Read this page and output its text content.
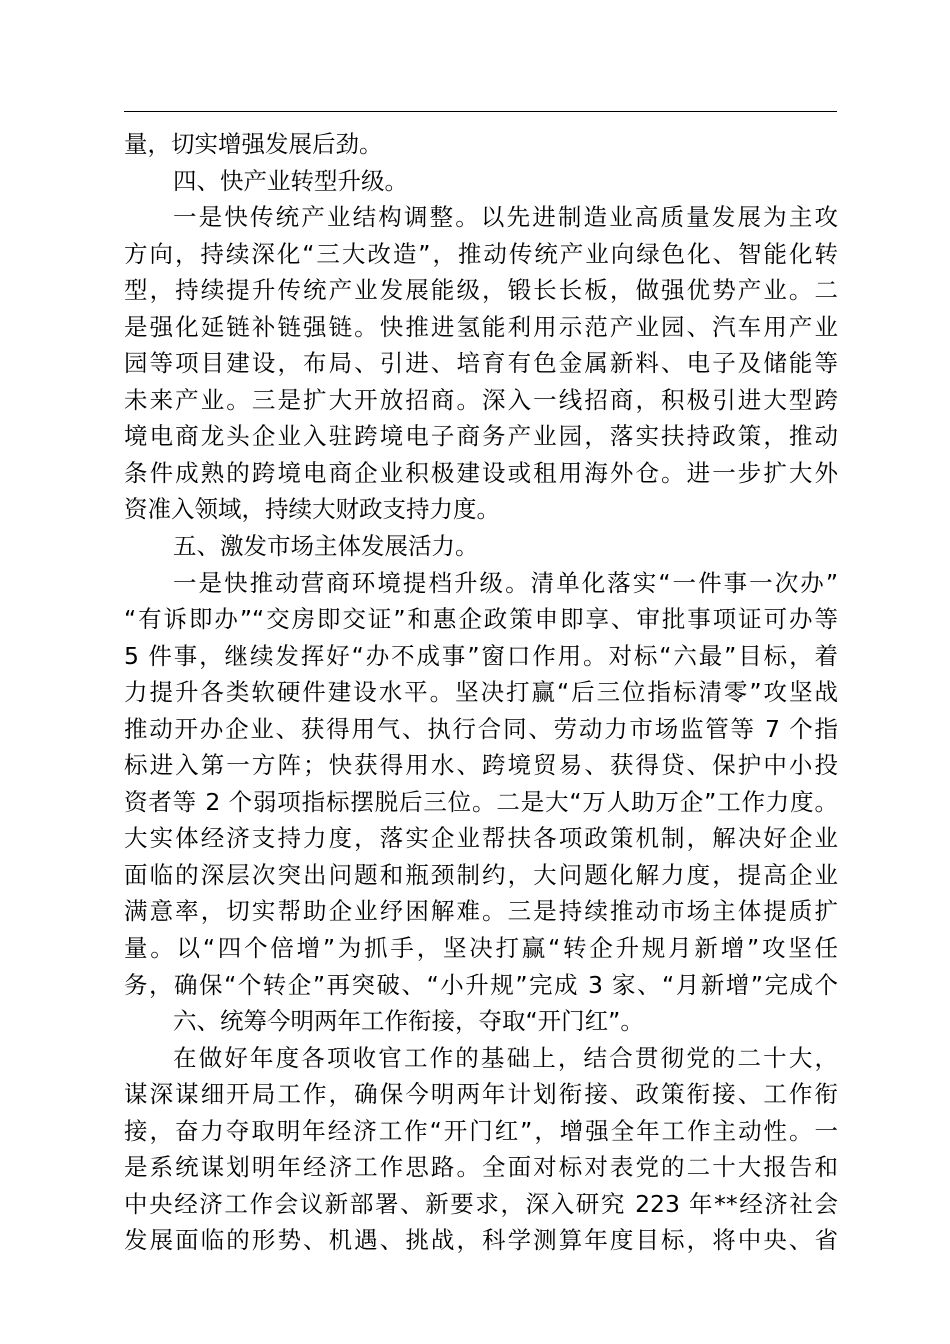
量，切实增强发展后劲。
四、快产业转型升级。
一是快传统产业结构调整。以先进制造业高质量发展为主攻
方向，持续深化“三大改造”，推动传统产业向绿色化、智能化转
型，持续提升传统产业发展能级，锻长长板，做强优势产业。二
是强化延链补链强链。快推进氢能利用示范产业园、汽车用产业
园等项目建设，布局、引进、培育有色金属新料、电子及储能等
未来产业。三是扩大开放招商。深入一线招商，积极引进大型跨
境电商龙头企业入驻跨境电子商务产业园，落实扶持政策，推动
条件成熟的跨境电商企业积极建设或租用海外仓。进一步扩大外
资准入领域，持续大财政支持力度。
五、激发市场主体发展活力。
一是快推动营商环境提档升级。清单化落实“一件事一次办”
“有诉即办”“交房即交证”和惠企政策申即享、审批事项证可办等
5 件事，继续发挥好“办不成事”窗口作用。对标“六最”目标，着
力提升各类软硬件建设水平。坚决打赢“后三位指标清零”攻坚战
推动开办企业、获得用气、执行合同、劳动力市场监管等 7 个指
标进入第一方阵；快获得用水、跨境贸易、获得贷、保护中小投
资者等 2 个弱项指标摆脱后三位。二是大“万人助万企”工作力度。
大实体经济支持力度，落实企业帮扶各项政策机制，解决好企业
面临的深层次突出问题和瓶颈制约，大问题化解力度，提高企业
满意率，切实帮助企业纾困解难。三是持续推动市场主体提质扩
量。以“四个倍增”为抓手，坚决打赢“转企升规月新增”攻坚任
务，确保“个转企”再突破、“小升规”完成 3 家、“月新增”完成个
六、统筹今明两年工作衔接，夺取“开门红”。
在做好年度各项收官工作的基础上，结合贯彻党的二十大，
谋深谋细开局工作，确保今明两年计划衔接、政策衔接、工作衔
接，奋力夺取明年经济工作“开门红”，增强全年工作主动性。一
是系统谋划明年经济工作思路。全面对标对表党的二十大报告和
中央经济工作会议新部署、新要求，深入研究 223 年**经济社会
发展面临的形势、机遇、挑战，科学测算年度目标，将中央、省
